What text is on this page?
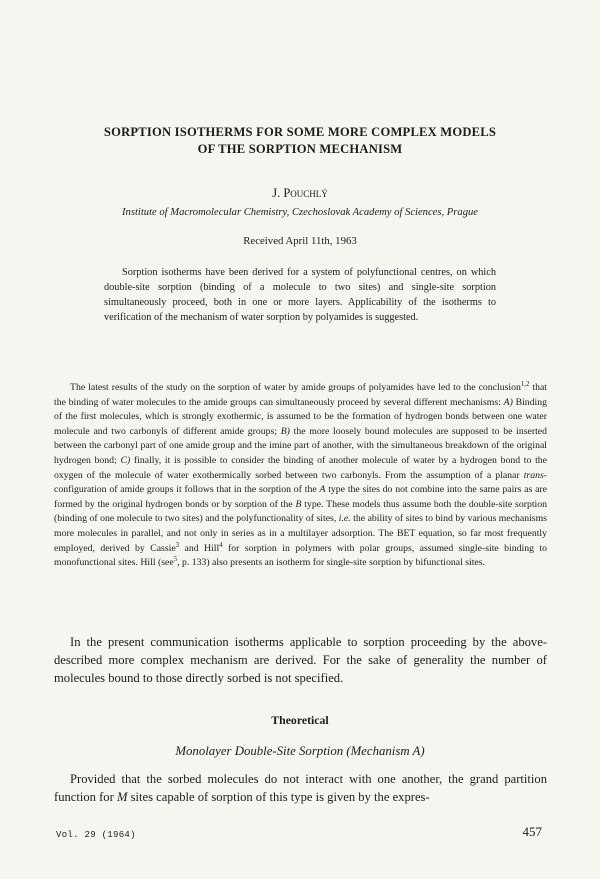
SORPTION ISOTHERMS FOR SOME MORE COMPLEX MODELS
OF THE SORPTION MECHANISM
J. Pouchlý
Institute of Macromolecular Chemistry, Czechoslovak Academy of Sciences, Prague
Received April 11th, 1963

Sorption isotherms have been derived for a system of polyfunctional centres, on which double-site sorption (binding of a molecule to two sites) and single-site sorption simultaneously proceed, both in one or more layers. Applicability of the isotherms to verification of the mechanism of water sorption by polyamides is suggested.

The latest results of the study on the sorption of water by amide groups of polyamides have led to the conclusion$^{1,2}$ that the binding of water molecules to the amide groups can simultaneously proceed by several different mechanisms: A) Binding of the first molecules, which is strongly exothermic, is assumed to be the formation of hydrogen bonds between one water molecule and two carbonyls of different amide groups; B) the more loosely bound molecules are supposed to be inserted between the carbonyl part of one amide group and the imine part of another, with the simultaneous breakdown of the original hydrogen bond; C) finally, it is possible to consider the binding of another molecule of water by a hydrogen bond to the oxygen of the molecule of water exothermically sorbed between two carbonyls. From the assumption of a planar trans-configuration of amide groups it follows that in the sorption of the A type the sites do not combine into the same pairs as are formed by the original hydrogen bonds or by sorption of the B type. These models thus assume both the double-site sorption (binding of one molecule to two sites) and the polyfunctionality of sites, i.e. the ability of sites to bind by various mechanisms more molecules in parallel, and not only in series as in a multilayer adsorption. The BET equation, so far most frequently employed, derived by Cassie$^3$ and Hill$^4$ for sorption in polymers with polar groups, assumed single-site binding to monofunctional sites. Hill (see$^5$, p. 133) also presents an isotherm for single-site sorption by bifunctional sites.

In the present communication isotherms applicable to sorption proceeding by the above-described more complex mechanism are derived. For the sake of generality the number of molecules bound to those directly sorbed is not specified.

Theoretical
Monolayer Double-Site Sorption (Mechanism A)

Provided that the sorbed molecules do not interact with one another, the grand partition function for M sites capable of sorption of this type is given by the expres-

Vol. 29 (1964)	457
